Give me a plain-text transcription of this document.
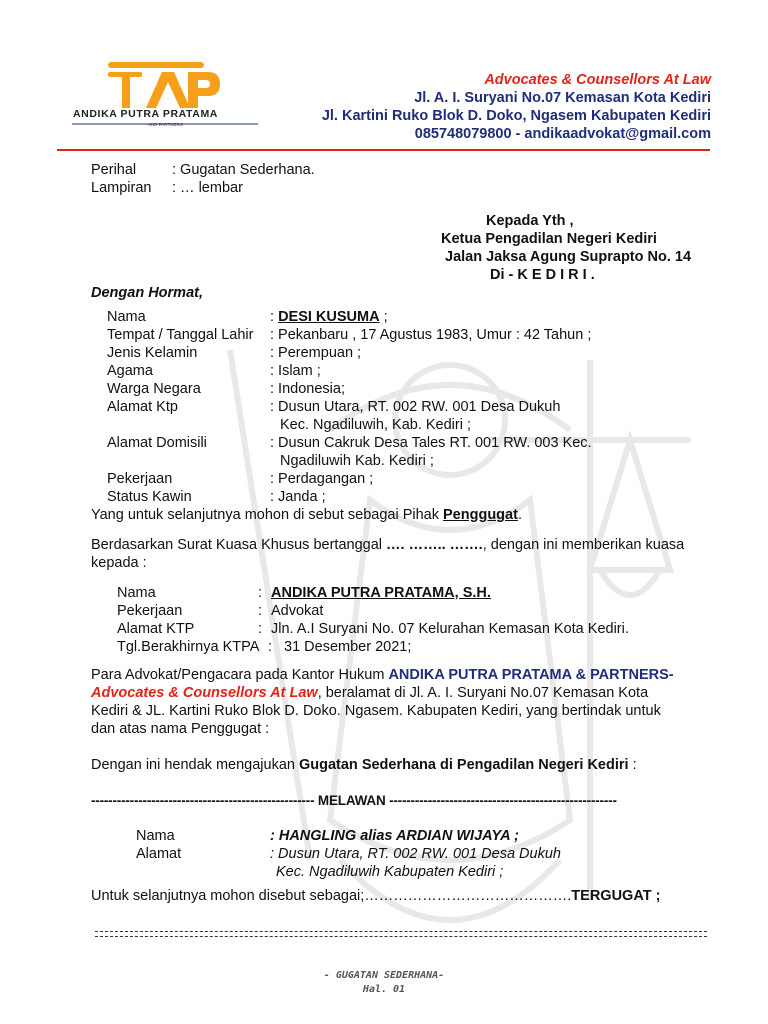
ANDIKA PUTRA PRATAMA
AND PARTNERS
Advocates & Counsellors At Law
Jl. A. I. Suryani No.07 Kemasan Kota Kediri
Jl. Kartini Ruko Blok D. Doko, Ngasem Kabupaten Kediri
085748079800 - andikaadvokat@gmail.com
Perihal : Gugatan Sederhana.
Lampiran : … lembar
Kepada Yth ,
Ketua Pengadilan Negeri Kediri
Jalan Jaksa Agung Suprapto No. 14
Di - K E D I R I .
Dengan Hormat,
Nama	: DESI KUSUMA ;
Tempat / Tanggal Lahir : Pekanbaru , 17 Agustus 1983, Umur : 42 Tahun ;
Jenis Kelamin	: Perempuan ;
Agama	: Islam ;
Warga Negara	: Indonesia;
Alamat Ktp	: Dusun Utara, RT. 002 RW. 001 Desa Dukuh
Kec. Ngadiluwih, Kab. Kediri ;
Alamat Domisili	: Dusun Cakruk Desa Tales RT. 001 RW. 003 Kec.
Ngadiluwih Kab. Kediri ;
Pekerjaan	: Perdagangan ;
Status Kawin	: Janda ;
Yang untuk selanjutnya mohon di sebut sebagai Pihak Penggugat.
Berdasarkan Surat Kuasa Khusus bertanggal …. …….. ……., dengan ini memberikan kuasa
kepada :
Nama	: ANDIKA PUTRA PRATAMA, S.H.
Pekerjaan	: Advokat
Alamat KTP	: Jln. A.I Suryani No. 07 Kelurahan Kemasan Kota Kediri.
Tgl.Berakhirnya KTPA : 31 Desember 2021;
Para Advokat/Pengacara pada Kantor Hukum ANDIKA PUTRA PRATAMA & PARTNERS-
Advocates & Counsellors At Law, beralamat di Jl. A. I. Suryani No.07 Kemasan Kota
Kediri & JL. Kartini Ruko Blok D. Doko. Ngasem. Kabupaten Kediri, yang bertindak untuk
dan atas nama Penggugat :
Dengan ini hendak mengajukan Gugatan Sederhana di Pengadilan Negeri Kediri :
---------------------------------------------------- MELAWAN -----------------------------------------------------
Nama	: HANGLING alias ARDIAN WIJAYA ;
Alamat	: Dusun Utara, RT. 002 RW. 001 Desa Dukuh
Kec. Ngadiluwih Kabupaten Kediri ;
Untuk selanjutnya mohon disebut sebagai;…………………………………….TERGUGAT ;
- GUGATAN SEDERHANA-
Hal. 01
